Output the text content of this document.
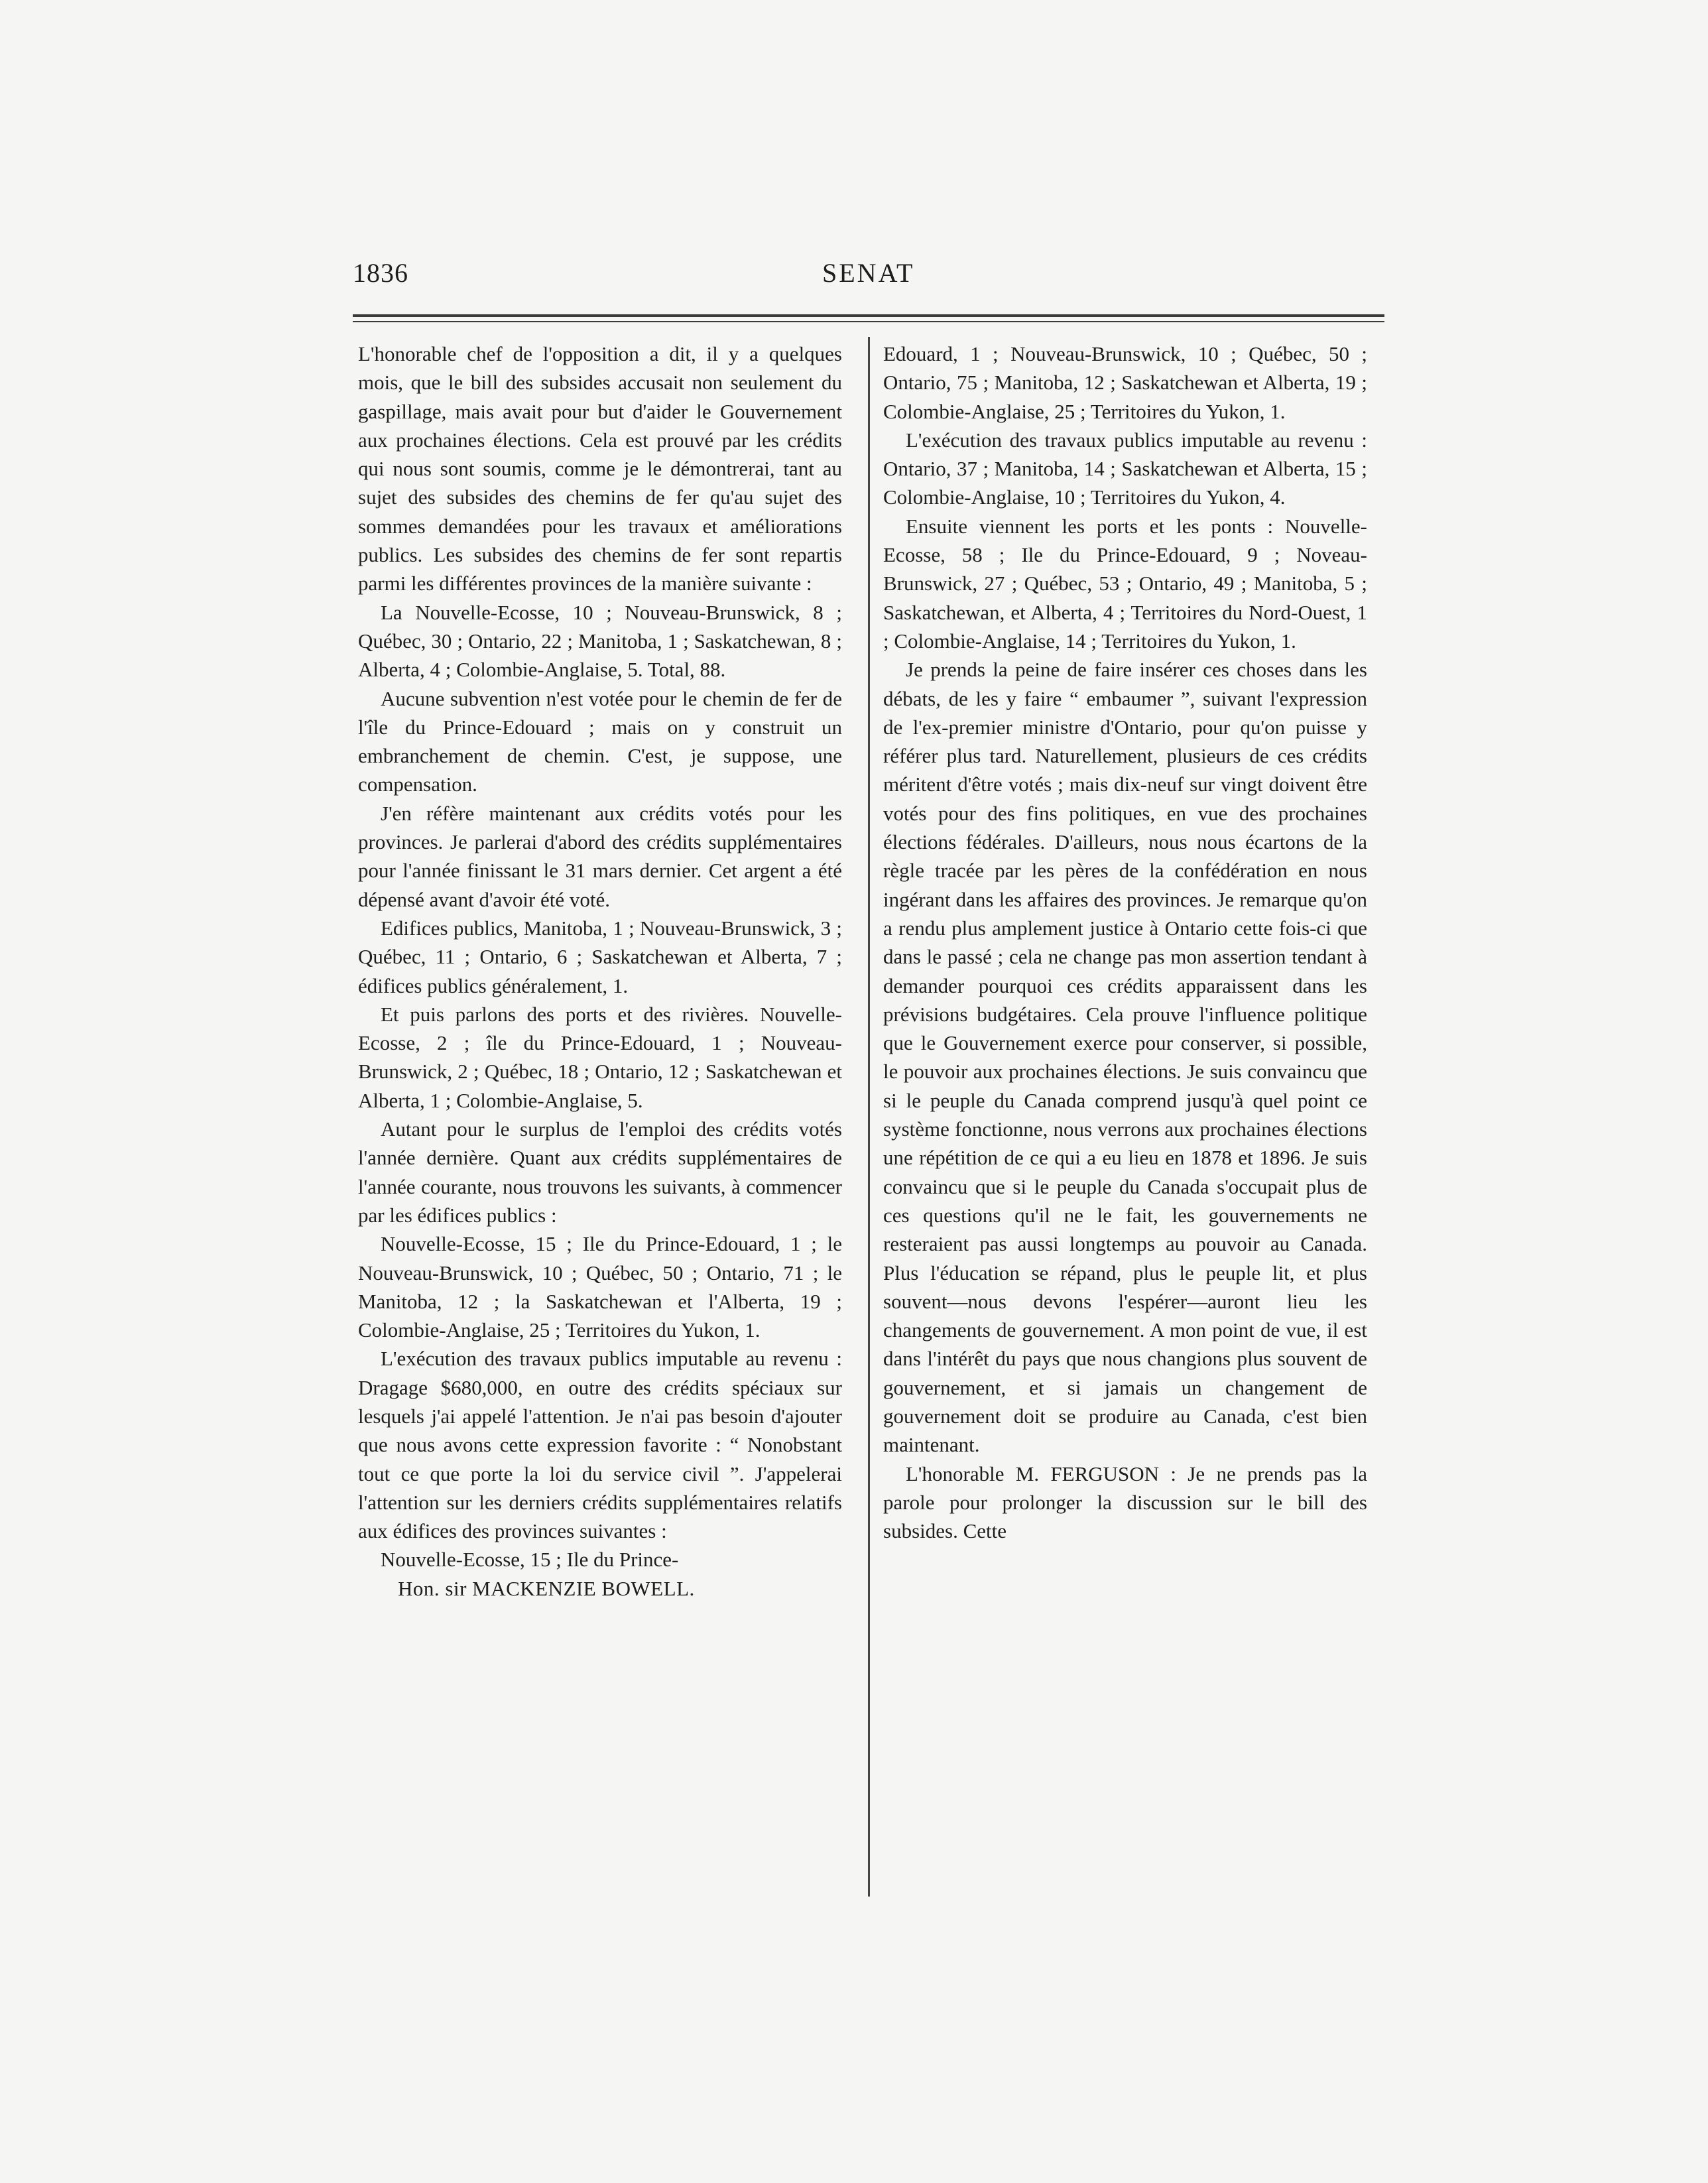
1836	SENAT

L'honorable chef de l'opposition a dit, il y a quelques mois, que le bill des subsides accusait non seulement du gaspillage, mais avait pour but d'aider le Gouvernement aux prochaines élections. Cela est prouvé par les crédits qui nous sont soumis, comme je le démontrerai, tant au sujet des subsides des chemins de fer qu'au sujet des sommes demandées pour les travaux et améliorations publics. Les subsides des chemins de fer sont repartis parmi les différentes provinces de la manière suivante :

La Nouvelle-Ecosse, 10 ; Nouveau-Brunswick, 8 ; Québec, 30 ; Ontario, 22 ; Manitoba, 1 ; Saskatchewan, 8 ; Alberta, 4 ; Colombie-Anglaise, 5. Total, 88.

Aucune subvention n'est votée pour le chemin de fer de l'île du Prince-Edouard ; mais on y construit un embranchement de chemin. C'est, je suppose, une compensation.

J'en réfère maintenant aux crédits votés pour les provinces. Je parlerai d'abord des crédits supplémentaires pour l'année finissant le 31 mars dernier. Cet argent a été dépensé avant d'avoir été voté.

Edifices publics, Manitoba, 1 ; Nouveau-Brunswick, 3 ; Québec, 11 ; Ontario, 6 ; Saskatchewan et Alberta, 7 ; édifices publics généralement, 1.

Et puis parlons des ports et des rivières. Nouvelle-Ecosse, 2 ; île du Prince-Edouard, 1 ; Nouveau-Brunswick, 2 ; Québec, 18 ; Ontario, 12 ; Saskatchewan et Alberta, 1 ; Colombie-Anglaise, 5.

Autant pour le surplus de l'emploi des crédits votés l'année dernière. Quant aux crédits supplémentaires de l'année courante, nous trouvons les suivants, à commencer par les édifices publics :

Nouvelle-Ecosse, 15 ; Ile du Prince-Edouard, 1 ; le Nouveau-Brunswick, 10 ; Québec, 50 ; Ontario, 71 ; le Manitoba, 12 ; la Saskatchewan et l'Alberta, 19 ; Colombie-Anglaise, 25 ; Territoires du Yukon, 1.

L'exécution des travaux publics imputable au revenu : Dragage $680,000, en outre des crédits spéciaux sur lesquels j'ai appelé l'attention. Je n'ai pas besoin d'ajouter que nous avons cette expression favorite : “ Nonobstant tout ce que porte la loi du service civil ”. J'appelerai l'attention sur les derniers crédits supplémentaires relatifs aux édifices des provinces suivantes :

Nouvelle-Ecosse, 15 ; Ile du Prince-

Hon. sir MACKENZIE BOWELL.

Edouard, 1 ; Nouveau-Brunswick, 10 ; Québec, 50 ; Ontario, 75 ; Manitoba, 12 ; Saskatchewan et Alberta, 19 ; Colombie-Anglaise, 25 ; Territoires du Yukon, 1.

L'exécution des travaux publics imputable au revenu : Ontario, 37 ; Manitoba, 14 ; Saskatchewan et Alberta, 15 ; Colombie-Anglaise, 10 ; Territoires du Yukon, 4.

Ensuite viennent les ports et les ponts : Nouvelle-Ecosse, 58 ; Ile du Prince-Edouard, 9 ; Noveau-Brunswick, 27 ; Québec, 53 ; Ontario, 49 ; Manitoba, 5 ; Saskatchewan, et Alberta, 4 ; Territoires du Nord-Ouest, 1 ; Colombie-Anglaise, 14 ; Territoires du Yukon, 1.

Je prends la peine de faire insérer ces choses dans les débats, de les y faire “ embaumer ”, suivant l'expression de l'ex-premier ministre d'Ontario, pour qu'on puisse y référer plus tard. Naturellement, plusieurs de ces crédits méritent d'être votés ; mais dix-neuf sur vingt doivent être votés pour des fins politiques, en vue des prochaines élections fédérales. D'ailleurs, nous nous écartons de la règle tracée par les pères de la confédération en nous ingérant dans les affaires des provinces. Je remarque qu'on a rendu plus amplement justice à Ontario cette fois-ci que dans le passé ; cela ne change pas mon assertion tendant à demander pourquoi ces crédits apparaissent dans les prévisions budgétaires. Cela prouve l'influence politique que le Gouvernement exerce pour conserver, si possible, le pouvoir aux prochaines élections. Je suis convaincu que si le peuple du Canada comprend jusqu'à quel point ce système fonctionne, nous verrons aux prochaines élections une répétition de ce qui a eu lieu en 1878 et 1896. Je suis convaincu que si le peuple du Canada s'occupait plus de ces questions qu'il ne le fait, les gouvernements ne resteraient pas aussi longtemps au pouvoir au Canada. Plus l'éducation se répand, plus le peuple lit, et plus souvent—nous devons l'espérer—auront lieu les changements de gouvernement. A mon point de vue, il est dans l'intérêt du pays que nous changions plus souvent de gouvernement, et si jamais un changement de gouvernement doit se produire au Canada, c'est bien maintenant.

L'honorable M. FERGUSON : Je ne prends pas la parole pour prolonger la discussion sur le bill des subsides. Cette
